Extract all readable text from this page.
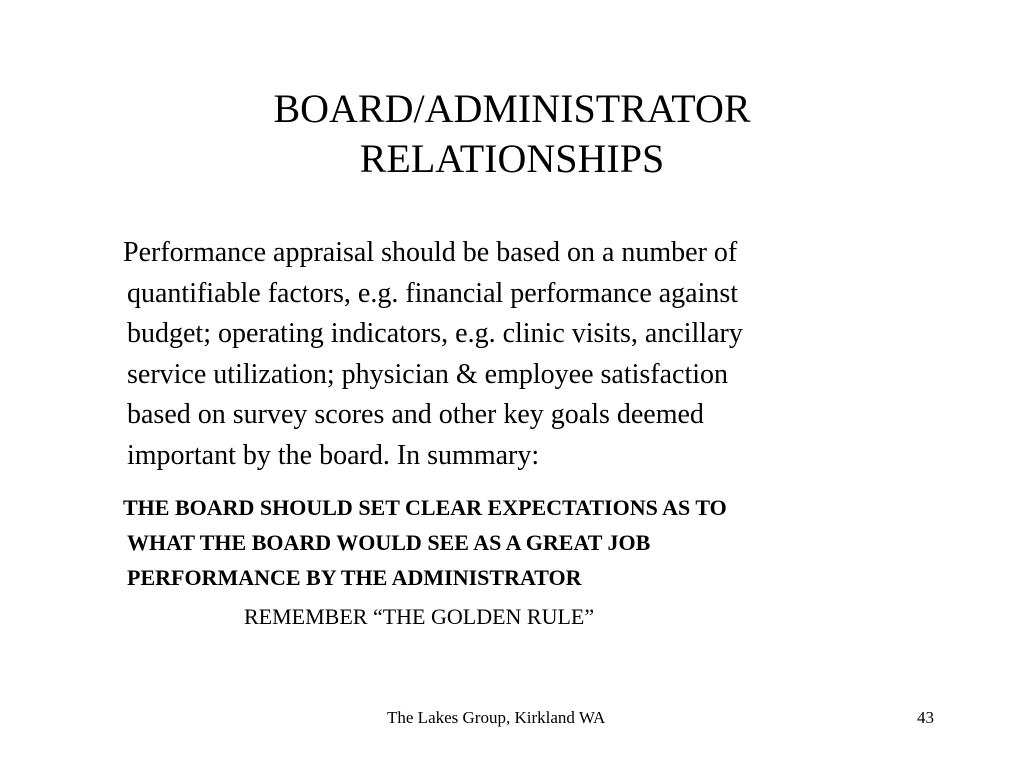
BOARD/ADMINISTRATOR
RELATIONSHIPS

Performance appraisal should be based on a number of
quantifiable factors, e.g. financial performance against
budget; operating indicators, e.g. clinic visits, ancillary
service utilization; physician & employee satisfaction
based on survey scores and other key goals deemed
important by the board. In summary:

THE BOARD SHOULD SET CLEAR EXPECTATIONS AS TO
WHAT THE BOARD WOULD SEE AS A GREAT JOB
PERFORMANCE BY THE ADMINISTRATOR

REMEMBER “THE GOLDEN RULE”

The Lakes Group, Kirkland WA	43
